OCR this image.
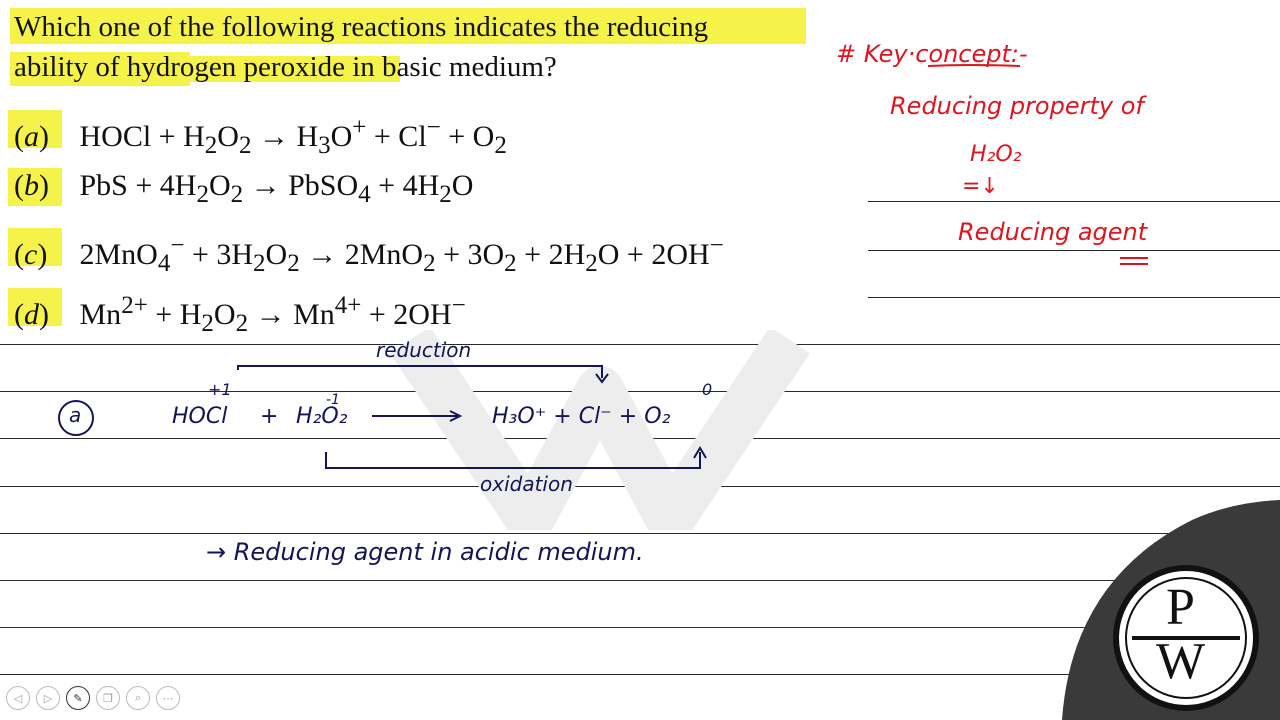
Which one of the following reactions indicates the reducing
ability of hydrogen peroxide in basic medium?
(a) HOCl + $H_2O_2 \to H_3O^+ + Cl^- + O_2$
(b) PbS + $4H_2O_2$ → PbSO$_4$ + $4H_2O$
(c) $2MnO_4^- + 3H_2O_2 \to 2MnO_2 + 3O_2 + 2H_2O + 2OH^-$
(d) $Mn^{2+} + H_2O_2 \to Mn^{4+} + 2OH^-$
# Key·concept:-
Reducing property of
H₂O₂
=↓
Reducing agent
a
reduction
+1
HOCl +
-1
H₂O₂
0
H₃O⁺ + Cl⁻ + O₂
oxidation
→ Reducing agent in acidic medium.
P
W
◁	▷	✎	❐	⌕	⋯
